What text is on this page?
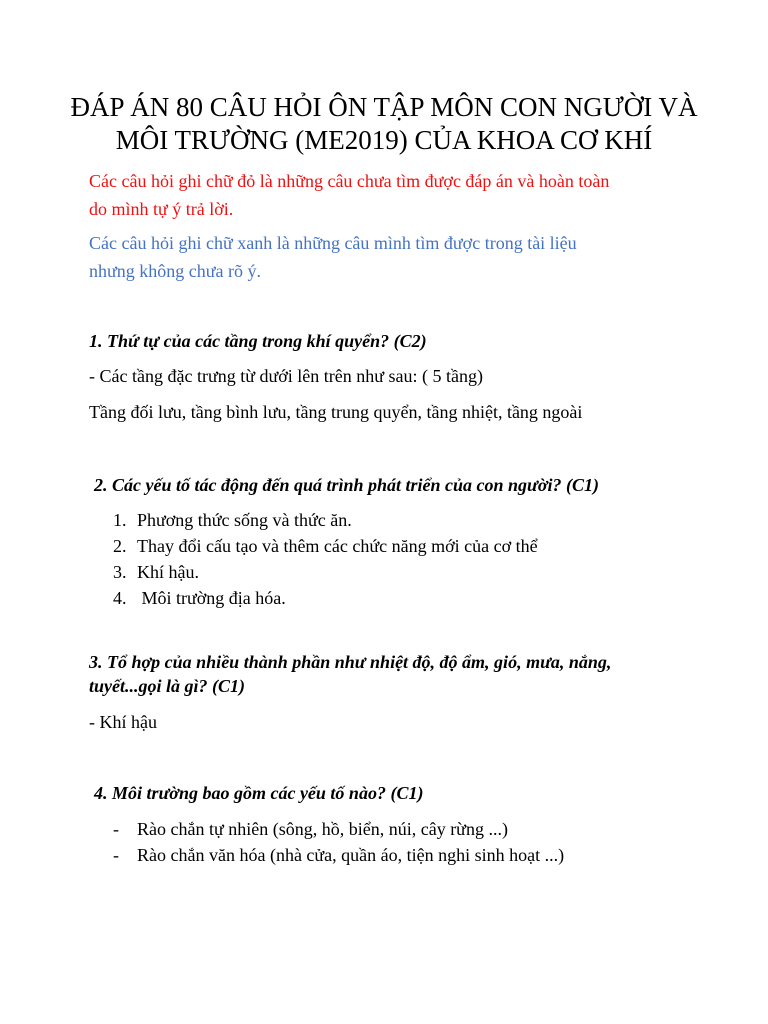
ĐÁP ÁN 80 CÂU HỎI ÔN TẬP MÔN CON NGƯỜI VÀ
MÔI TRƯỜNG (ME2019) CỦA KHOA CƠ KHÍ

Các câu hỏi ghi chữ đỏ là những câu chưa tìm được đáp án và hoàn toàn

do mình tự ý trả lời.

Các câu hỏi ghi chữ xanh là những câu mình tìm được trong tài liệu

nhưng không chưa rõ ý.

1. Thứ tự của các tầng trong khí quyển? (C2)

- Các tầng đặc trưng từ dưới lên trên như sau: ( 5 tầng)

Tầng đối lưu, tầng bình lưu, tầng trung quyển, tầng nhiệt, tầng ngoài

2. Các yếu tố tác động đến quá trình phát triển của con người? (C1)

1. Phương thức sống và thức ăn.
2. Thay đổi cấu tạo và thêm các chức năng mới của cơ thể
3. Khí hậu.
4. Môi trường địa hóa.

3. Tổ hợp của nhiều thành phần như nhiệt độ, độ ẩm, gió, mưa, nắng,

tuyết...gọi là gì? (C1)

- Khí hậu

4. Môi trường bao gồm các yếu tố nào? (C1)

- Rào chắn tự nhiên (sông, hồ, biển, núi, cây rừng ...)
- Rào chắn văn hóa (nhà cửa, quần áo, tiện nghi sinh hoạt ...)
